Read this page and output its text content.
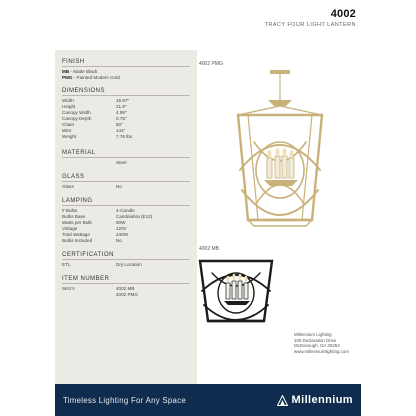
4002
TRACY FOUR LIGHT LANTERN
FINISH
MB - Matte Black
PMG - Painted Modern Gold
DIMENSIONS
Width	15.87"
Height	21.9"
Canopy Width	4.99"
Canopy Depth	0.75"
Chain	60"
Wire	144"
Weight	7.76 lbs
MATERIAL
Steel
GLASS
Glass	No
LAMPING
# Bulbs	4-Candle
Bulbs Base	Candelabra (E12)
Watts per Bulb	60W
Voltage	120V
Total Wattage	240W
Bulbs Included	No
CERTIFICATION
ETL	Dry Location
ITEM NUMBER
SKU's	4002 MB
4002 PMG
4002 PMG
4002 MB
Millennium Lighting
105 Declaration Drive
McDonough, GA 30253
www.millenniumlighting.com
Timeless Lighting For Any Space	Millennium
